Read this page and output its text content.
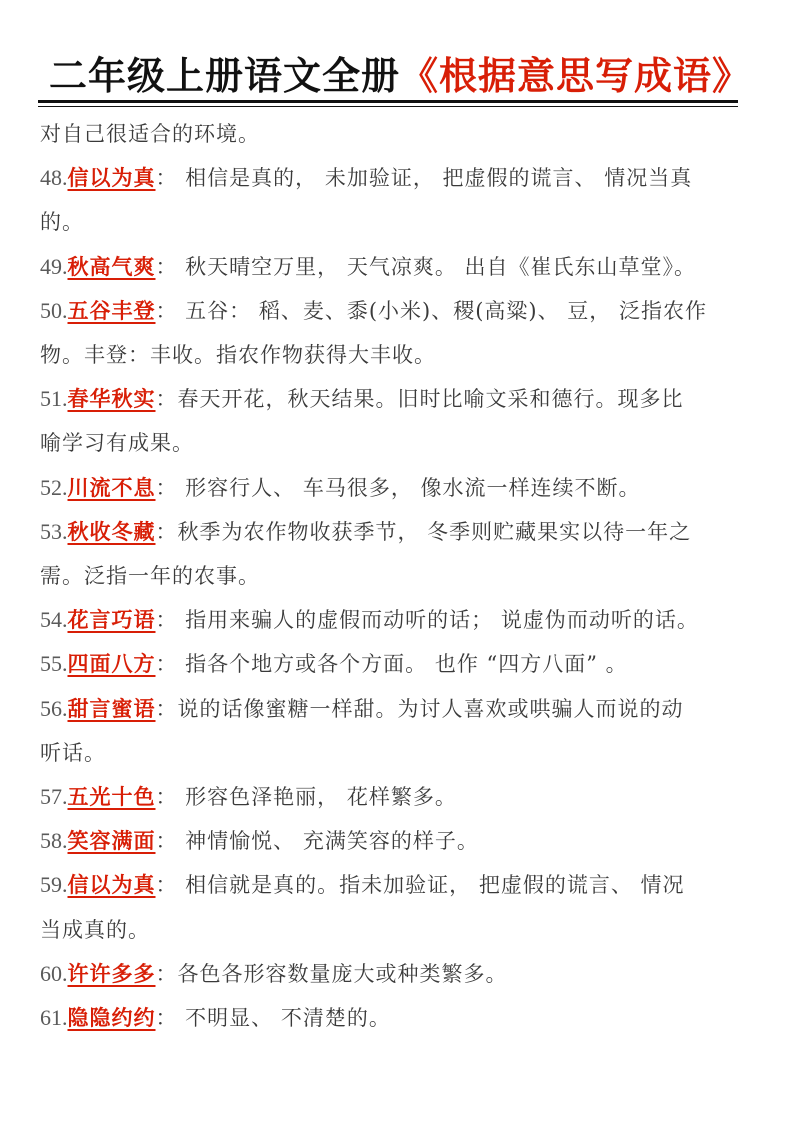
二年级上册语文全册《根据意思写成语》
对自己很适合的环境。
48.信以为真： 相信是真的， 未加验证， 把虚假的谎言、 情况当真
的。
49.秋高气爽： 秋天晴空万里， 天气凉爽。 出自《崔氏东山草堂》。
50.五谷丰登： 五谷： 稻、麦、黍(小米)、稷(高粱)、 豆， 泛指农作
物。丰登：丰收。指农作物获得大丰收。
51.春华秋实：春天开花，秋天结果。旧时比喻文采和德行。现多比
喻学习有成果。
52.川流不息： 形容行人、 车马很多， 像水流一样连续不断。
53.秋收冬藏：秋季为农作物收获季节， 冬季则贮藏果实以待一年之
需。泛指一年的农事。
54.花言巧语： 指用来骗人的虚假而动听的话； 说虚伪而动听的话。
55.四面八方： 指各个地方或各个方面。 也作 “四方八面” 。
56.甜言蜜语：说的话像蜜糖一样甜。为讨人喜欢或哄骗人而说的动
听话。
57.五光十色： 形容色泽艳丽， 花样繁多。
58.笑容满面： 神情愉悦、 充满笑容的样子。
59.信以为真： 相信就是真的。指未加验证， 把虚假的谎言、 情况
当成真的。
60.许许多多：各色各形容数量庞大或种类繁多。
61.隐隐约约： 不明显、 不清楚的。
